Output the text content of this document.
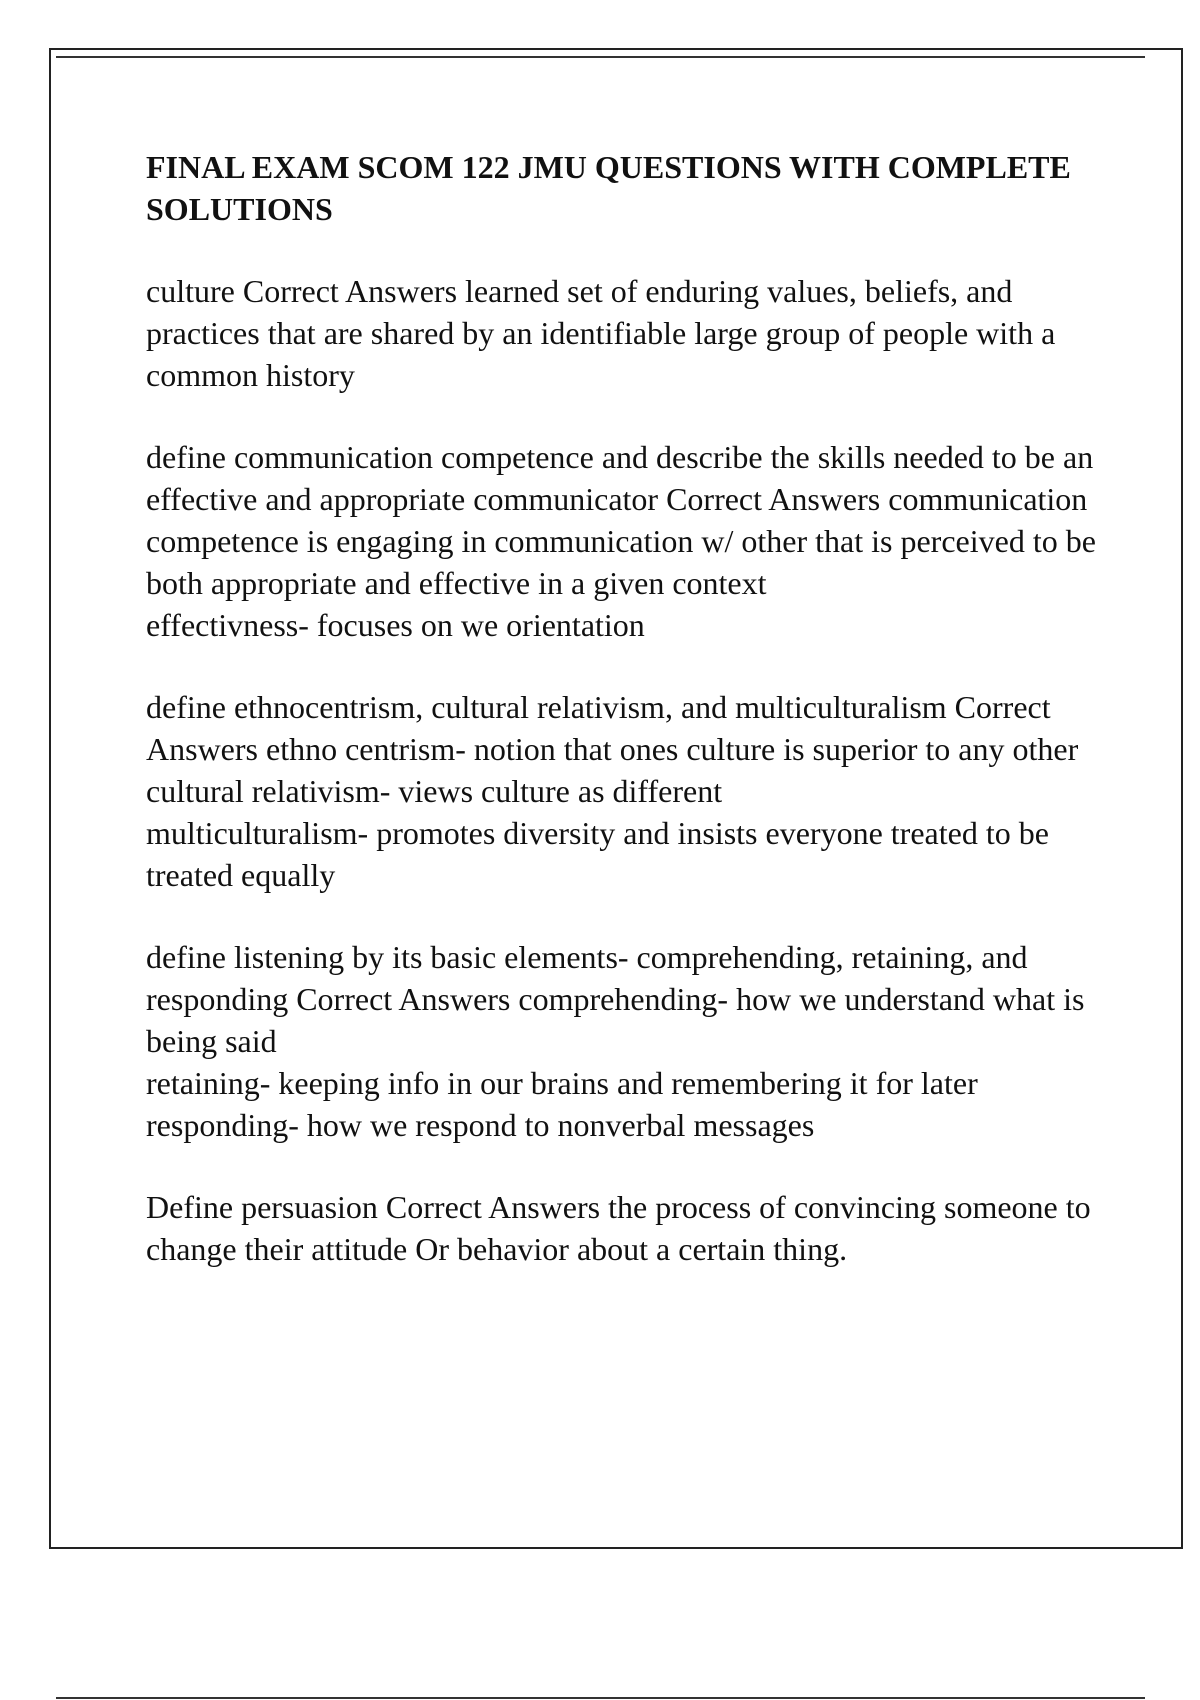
FINAL EXAM SCOM 122 JMU QUESTIONS WITH COMPLETE SOLUTIONS
culture Correct Answers learned set of enduring values, beliefs, and practices that are shared by an identifiable large group of people with a common history
define communication competence and describe the skills needed to be an effective and appropriate communicator Correct Answers communication competence is engaging in communication w/ other that is perceived to be both appropriate and effective in a given context
effectivness- focuses on we orientation
define ethnocentrism, cultural relativism, and multiculturalism Correct Answers ethno centrism- notion that ones culture is superior to any other
cultural relativism- views culture as different
multiculturalism- promotes diversity and insists everyone treated to be treated equally
define listening by its basic elements- comprehending, retaining, and responding Correct Answers comprehending- how we understand what is being said
retaining- keeping info in our brains and remembering it for later
responding- how we respond to nonverbal messages
Define persuasion Correct Answers the process of convincing someone to change their attitude Or behavior about a certain thing.
